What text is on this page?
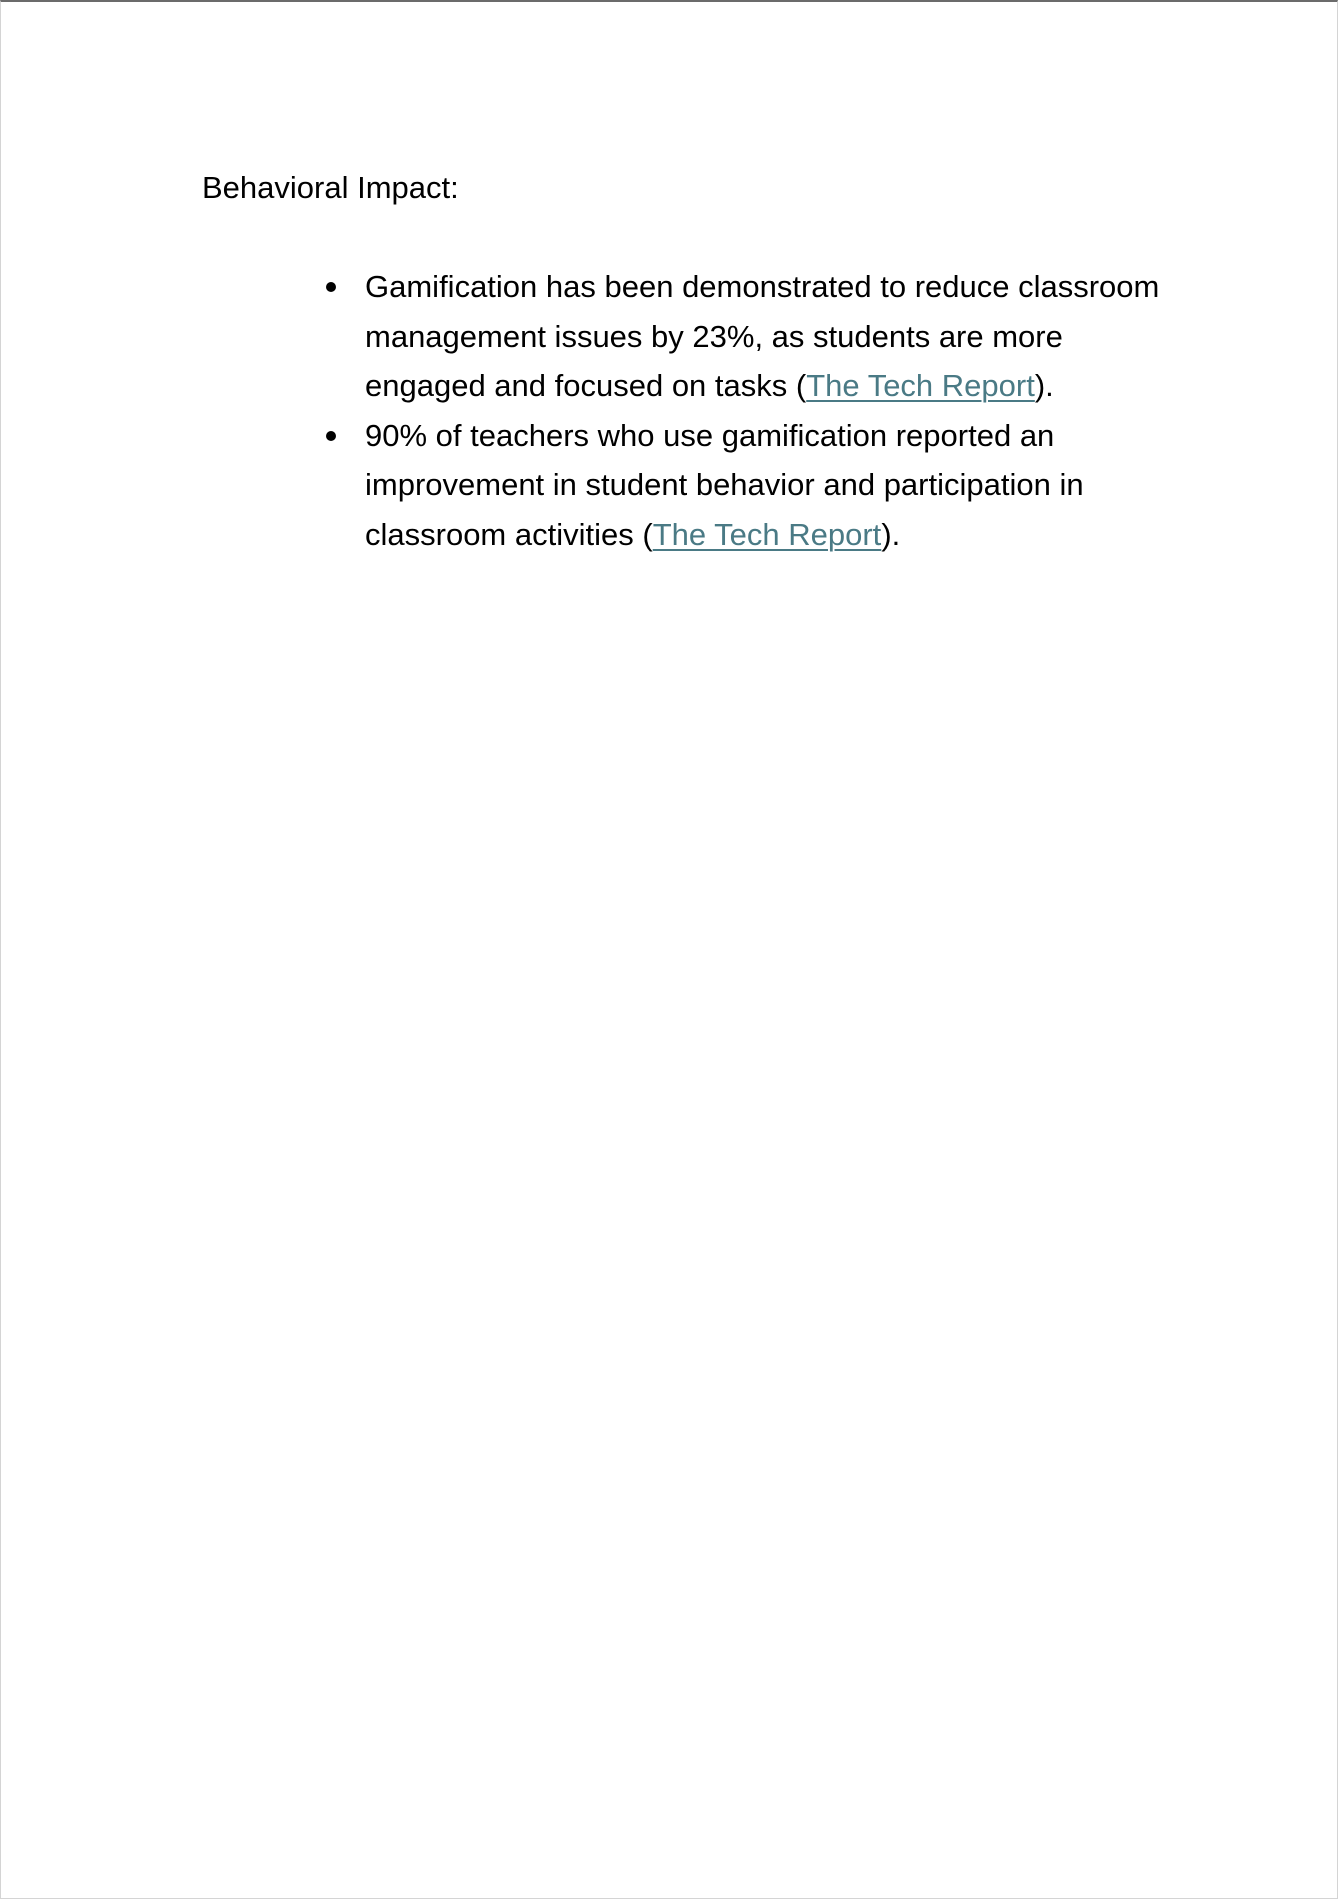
Behavioral Impact:

Gamification has been demonstrated to reduce classroom management issues by 23%, as students are more engaged and focused on tasks (The Tech Report).
90% of teachers who use gamification reported an improvement in student behavior and participation in classroom activities (The Tech Report).
